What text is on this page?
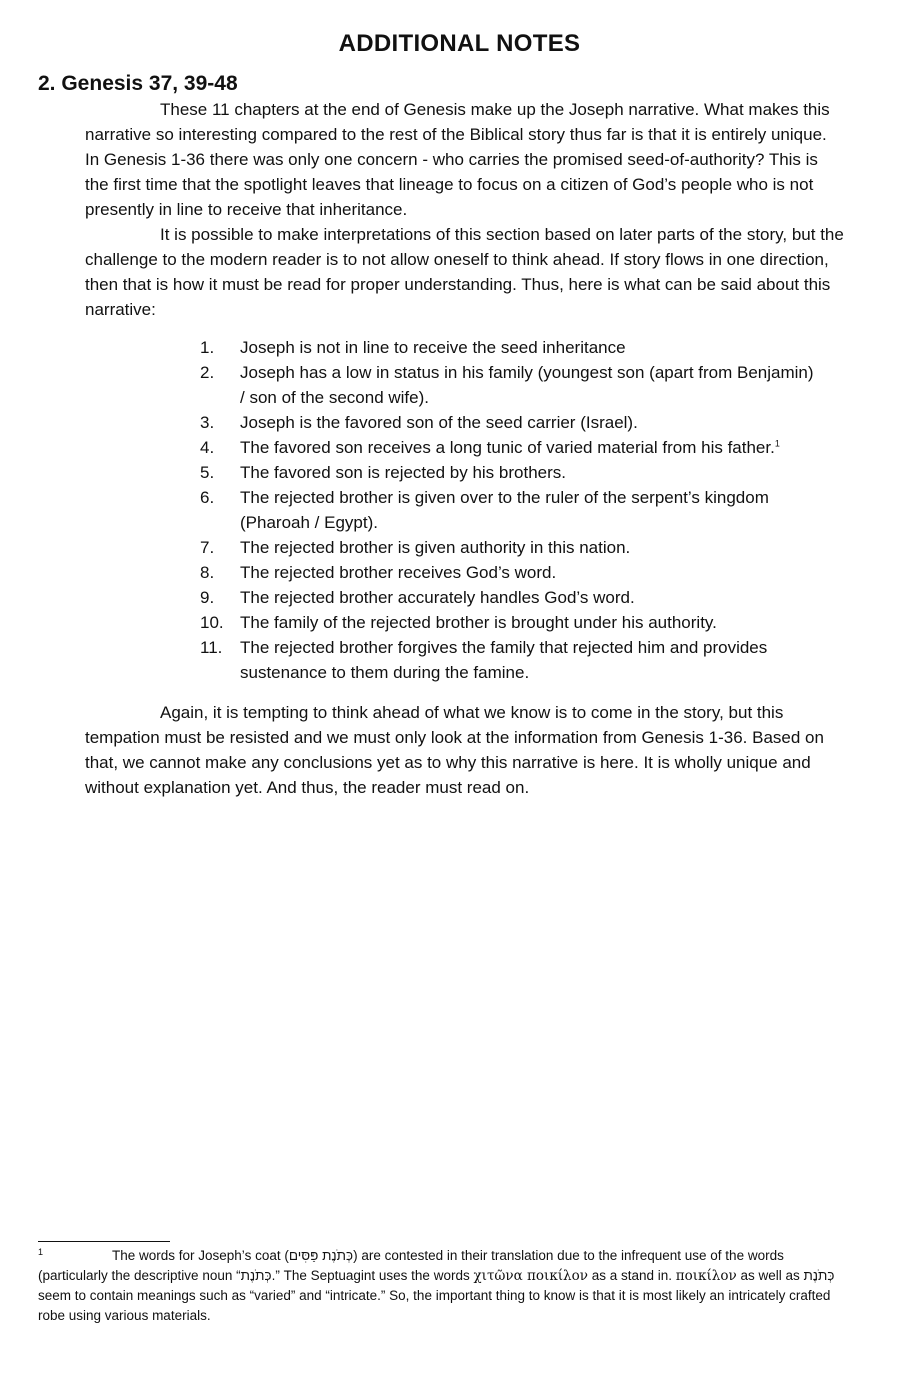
ADDITIONAL NOTES
2. Genesis 37, 39-48

These 11 chapters at the end of Genesis make up the Joseph narrative. What makes this narrative so interesting compared to the rest of the Biblical story thus far is that it is entirely unique. In Genesis 1-36 there was only one concern - who carries the promised seed-of-authority? This is the first time that the spotlight leaves that lineage to focus on a citizen of God’s people who is not presently in line to receive that inheritance.

It is possible to make interpretations of this section based on later parts of the story, but the challenge to the modern reader is to not allow oneself to think ahead. If story flows in one direction, then that is how it must be read for proper understanding. Thus, here is what can be said about this narrative:

1. Joseph is not in line to receive the seed inheritance
2. Joseph has a low in status in his family (youngest son (apart from Benjamin) / son of the second wife).
3. Joseph is the favored son of the seed carrier (Israel).
4. The favored son receives a long tunic of varied material from his father.$^1$
5. The favored son is rejected by his brothers.
6. The rejected brother is given over to the ruler of the serpent’s kingdom (Pharoah / Egypt).
7. The rejected brother is given authority in this nation.
8. The rejected brother receives God’s word.
9. The rejected brother accurately handles God’s word.
10. The family of the rejected brother is brought under his authority.
11. The rejected brother forgives the family that rejected him and provides sustenance to them during the famine.

Again, it is tempting to think ahead of what we know is to come in the story, but this tempation must be resisted and we must only look at the information from Genesis 1-36. Based on that, we cannot make any conclusions yet as to why this narrative is here. It is wholly unique and without explanation yet. And thus, the reader must read on.

1	The words for Joseph’s coat (כְּתֹנֶת פַּסִּים) are contested in their translation due to the infrequent use of the words (particularly the descriptive noun “כְּתֹנֶת.” The Septuagint uses the words χιτῶνα ποικίλον as a stand in. ποικίλον as well as כְּתֹנֶת seem to contain meanings such as “varied” and “intricate.” So, the important thing to know is that it is most likely an intricately crafted robe using various materials.
